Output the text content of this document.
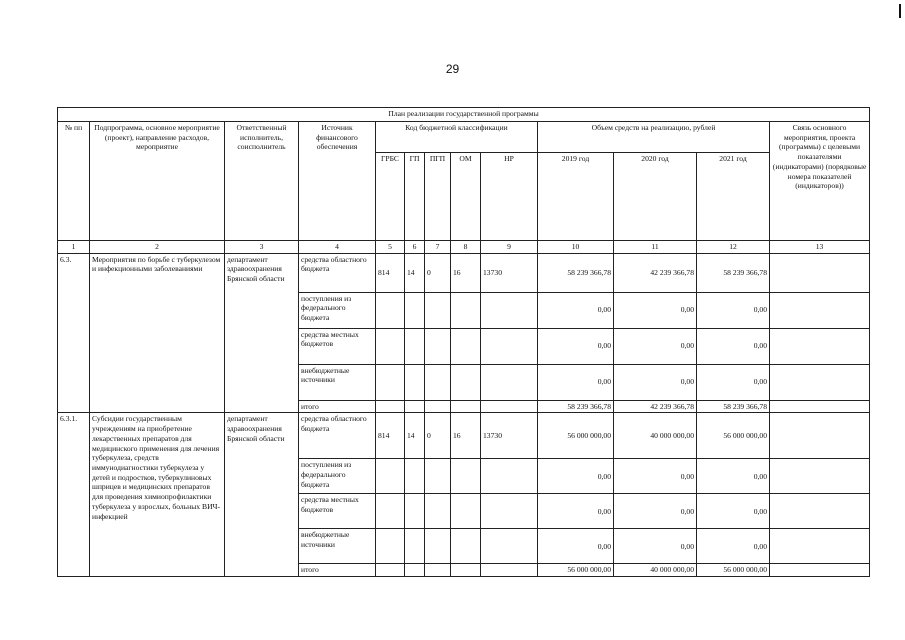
29
План реализации государственной программы												
№ пп	Подпрограмма, основное мероприятие (проект), направление расходов, мероприятие	Ответственный исполнитель, соисполнитель	Источник финансового обеспечения	Код бюджетной классификации					Объем средств на реализацию, рублей			Связь основного мероприятия, проекта (программы) с целевыми показателями (индикаторами) (порядковые номера показателей (индикаторов))
				ГРБС	ГП	ПГП	ОМ	НР	2019 год	2020 год	2021 год	
1	2	3	4	5	6	7	8	9	10	11	12	13
6.3.	Мероприятия по борьбе с туберкулезом и инфекционными заболеваниями	департамент здравоохранения Брянской области	средства областного бюджета	814	14	0	16	13730	58 239 366,78	42 239 366,78	58 239 366,78	
			поступления из федерального бюджета						0,00	0,00	0,00	
			средства местных бюджетов						0,00	0,00	0,00	
			внебюджетные источники						0,00	0,00	0,00	
			итого						58 239 366,78	42 239 366,78	58 239 366,78	
6.3.1.	Субсидии государственным учреждениям на приобретение лекарственных препаратов для медицинского применения для лечения туберкулеза, средств иммунодиагностики туберкулеза у детей и подростков, туберкулиновых шприцев и медицинских препаратов для проведения химиопрофилактики туберкулеза у взрослых, больных ВИЧ-инфекцией	департамент здравоохранения Брянской области	средства областного бюджета	814	14	0	16	13730	56 000 000,00	40 000 000,00	56 000 000,00	
			поступления из федерального бюджета						0,00	0,00	0,00	
			средства местных бюджетов						0,00	0,00	0,00	
			внебюджетные источники						0,00	0,00	0,00	
			итого						56 000 000,00	40 000 000,00	56 000 000,00	
